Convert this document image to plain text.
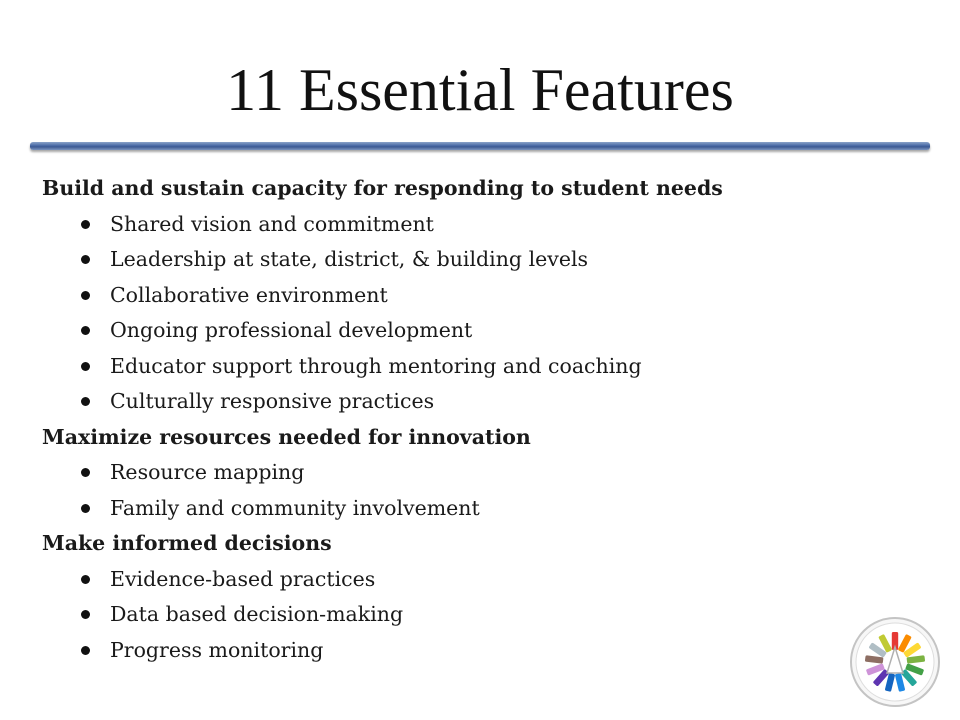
11 Essential Features
Build and sustain capacity for responding to student needs
Shared vision and commitment
Leadership at state, district, & building levels
Collaborative environment
Ongoing professional development
Educator support through mentoring and coaching
Culturally responsive practices
Maximize resources needed for innovation
Resource mapping
Family and community involvement
Make informed decisions
Evidence-based practices
Data based decision-making
Progress monitoring
